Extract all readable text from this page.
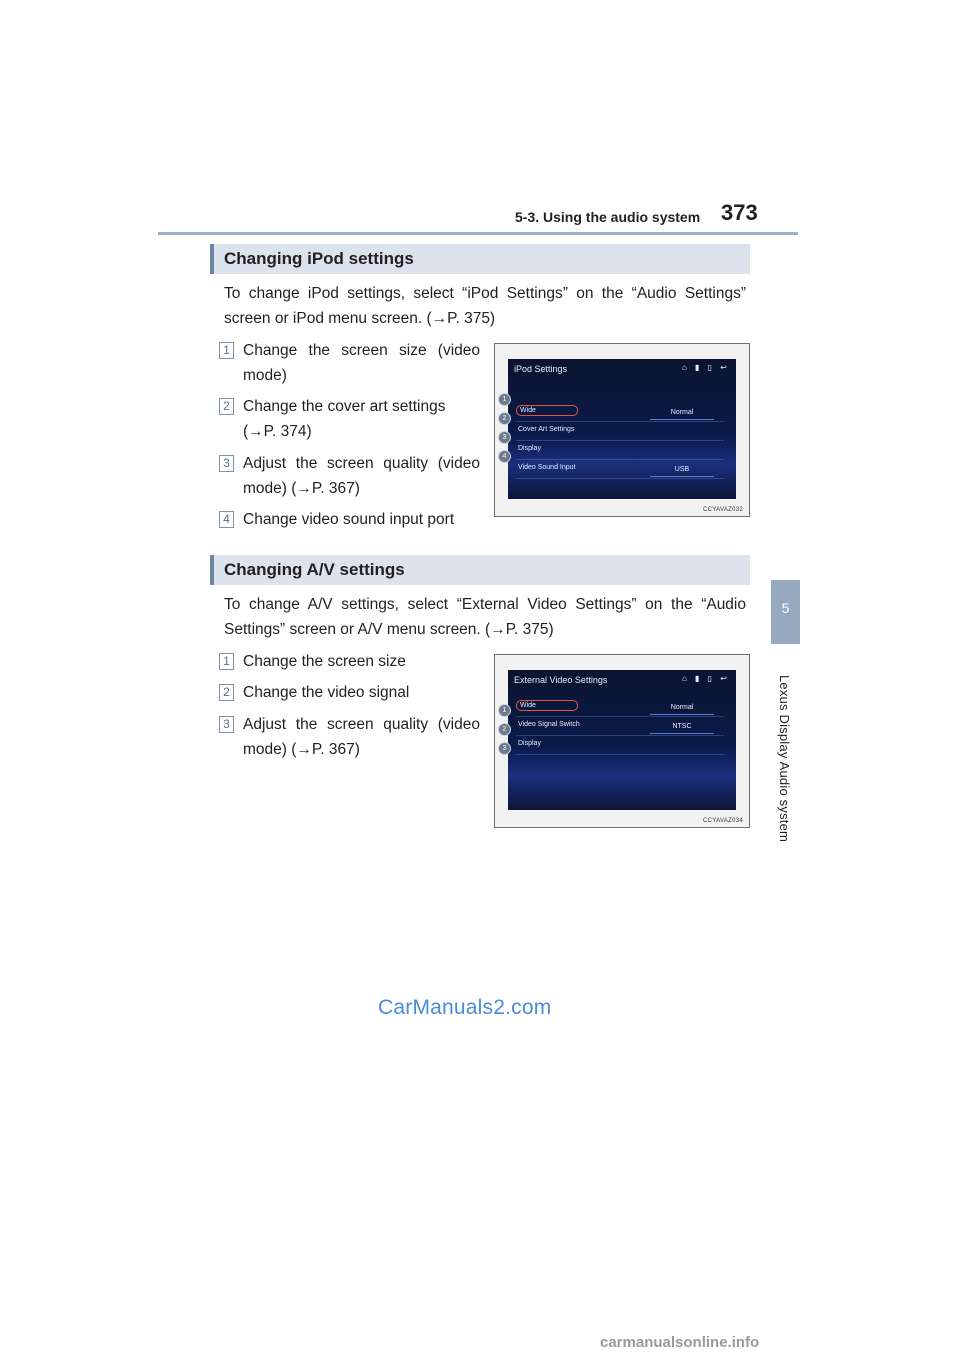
5-3. Using the audio system 373
5
Lexus Display Audio system
Changing iPod settings
To change iPod settings, select “iPod Settings” on the “Audio Settings” screen or iPod menu screen. (→P. 375)
1 Change the screen size (video
mode)
2 Change the cover art settings
(→P. 374)
3 Adjust the screen quality (video
mode) (→P. 367)
4 Change video sound input port
iPod Settings	⌂ ▮ ▯ ↩
Wide	Normal
Cover Art Settings
Display
Video Sound Input	USB
1
2
3
4
CCYAVAZ032
Changing A/V settings
To change A/V settings, select “External Video Settings” on the “Audio Settings” screen or A/V menu screen. (→P. 375)
1 Change the screen size
2 Change the video signal
3 Adjust the screen quality (video
mode) (→P. 367)
External Video Settings	⌂ ▮ ▯ ↩
Wide	Normal
Video Signal Switch	NTSC
Display
1
2
3
CCYAVAZ034
CarManuals2.com
carmanualsonline.info
